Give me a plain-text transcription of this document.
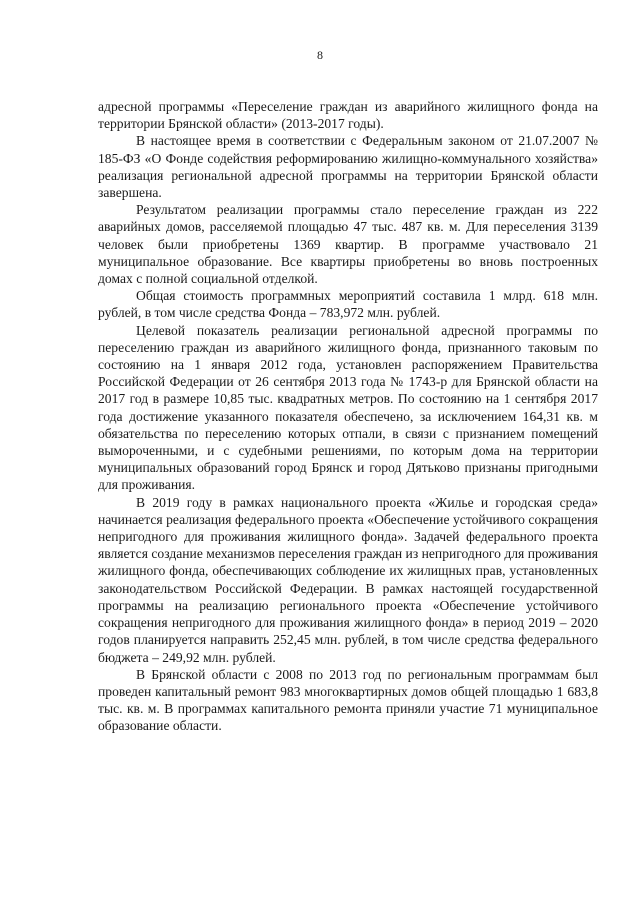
8

адресной программы «Переселение граждан из аварийного жилищного фонда на территории Брянской области» (2013-2017 годы).

В настоящее время в соответствии с Федеральным законом от 21.07.2007 № 185-ФЗ «О Фонде содействия реформированию жилищно-коммунального хозяйства» реализация региональной адресной программы на территории Брянской области завершена.

Результатом реализации программы стало переселение граждан из 222 аварийных домов, расселяемой площадью 47 тыс. 487 кв. м. Для переселения 3139 человек были приобретены 1369 квартир. В программе участвовало 21 муниципальное образование. Все квартиры приобретены во вновь построенных домах с полной социальной отделкой.

Общая стоимость программных мероприятий составила 1 млрд. 618 млн. рублей, в том числе средства Фонда – 783,972 млн. рублей.

Целевой показатель реализации региональной адресной программы по переселению граждан из аварийного жилищного фонда, признанного таковым по состоянию на 1 января 2012 года, установлен распоряжением Правительства Российской Федерации от 26 сентября 2013 года № 1743-р для Брянской области на 2017 год в размере 10,85 тыс. квадратных метров. По состоянию на 1 сентября 2017 года достижение указанного показателя обеспечено, за исключением 164,31 кв. м обязательства по переселению которых отпали, в связи с признанием помещений вымороченными, и с судебными решениями, по которым дома на территории муниципальных образований город Брянск и город Дятьково признаны пригодными для проживания.

В 2019 году в рамках национального проекта «Жилье и городская среда» начинается реализация федерального проекта «Обеспечение устойчивого сокращения непригодного для проживания жилищного фонда». Задачей федерального проекта является создание механизмов переселения граждан из непригодного для проживания жилищного фонда, обеспечивающих соблюдение их жилищных прав, установленных законодательством Российской Федерации. В рамках настоящей государственной программы на реализацию регионального проекта «Обеспечение устойчивого сокращения непригодного для проживания жилищного фонда» в период 2019 – 2020 годов планируется направить 252,45 млн. рублей, в том числе средства федерального бюджета – 249,92 млн. рублей.

В Брянской области с 2008 по 2013 год по региональным программам был проведен капитальный ремонт 983 многоквартирных домов общей площадью 1 683,8 тыс. кв. м. В программах капитального ремонта приняли участие 71 муниципальное образование области.
